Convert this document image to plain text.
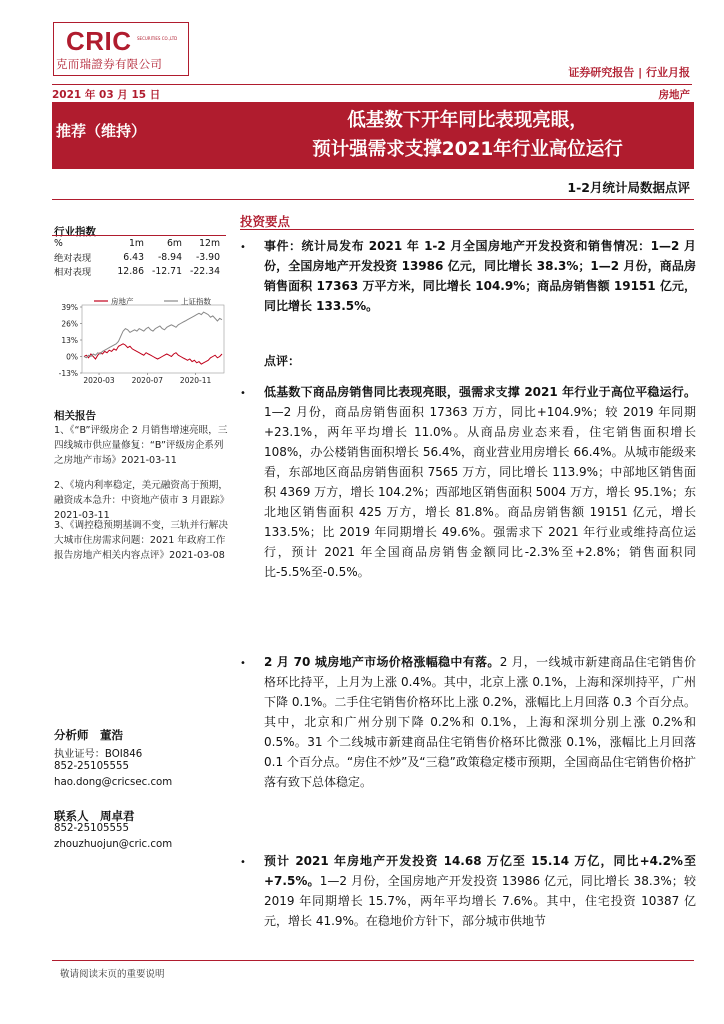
CRIC SECURITIES CO.,LTD
克而瑞證券有限公司
证券研究报告 | 行业月报
2021 年 03 月 15 日	房地产
推荐（维持）	低基数下开年同比表现亮眼，
预计强需求支撑2021年行业高位运行
1-2月统计局数据点评
行业指数
%	1m	6m	12m
绝对表现	6.43	-8.94	-3.90
相对表现	12.86	-12.71	-22.34
39%
26%
13%
0%
-13%
2020-03 2020-07 2020-11
房地产	上证指数
相关报告
1、《“B”评级房企 2 月销售增速亮眼，三四线城市供应量修复：“B”评级房企系列之房地产市场》2021-03-11
2、《境内利率稳定，美元融资高于预期，融资成本急升：中资地产债市 3 月跟踪》2021-03-11
3、《调控稳预期基调不变，三轨并行解决大城市住房需求问题：2021 年政府工作报告房地产相关内容点评》2021-03-08
分析师　董浩
执业证号：BOI846
852-25105555
hao.dong@cricsec.com
联系人　周卓君
852-25105555
zhouzhuojun@cric.com
投资要点
• 事件：统计局发布 2021 年 1-2 月全国房地产开发投资和销售情况：1—2 月份，全国房地产开发投资 13986 亿元，同比增长 38.3%；1—2 月份，商品房销售面积 17363 万平方米，同比增长 104.9%；商品房销售额 19151 亿元，同比增长 133.5%。
点评：
• 低基数下商品房销售同比表现亮眼，强需求支撑 2021 年行业于高位平稳运行。1—2 月份，商品房销售面积 17363 万方，同比+104.9%；较 2019 年同期+23.1%，两年平均增长 11.0%。从商品房业态来看，住宅销售面积增长 108%，办公楼销售面积增长 56.4%，商业营业用房增长 66.4%。从城市能级来看，东部地区商品房销售面积 7565 万方，同比增长 113.9%；中部地区销售面积 4369 万方，增长 104.2%；西部地区销售面积 5004 万方，增长 95.1%；东北地区销售面积 425 万方，增长 81.8%。商品房销售额 19151 亿元，增长 133.5%；比 2019 年同期增长 49.6%。强需求下 2021 年行业或维持高位运行，预计 2021 年全国商品房销售金额同比-2.3%至+2.8%；销售面积同比-5.5%至-0.5%。
• 2 月 70 城房地产市场价格涨幅稳中有落。2 月，一线城市新建商品住宅销售价格环比持平，上月为上涨 0.4%。其中，北京上涨 0.1%，上海和深圳持平，广州下降 0.1%。二手住宅销售价格环比上涨 0.2%，涨幅比上月回落 0.3 个百分点。其中，北京和广州分别下降 0.2%和 0.1%，上海和深圳分别上涨 0.2%和 0.5%。31 个二线城市新建商品住宅销售价格环比微涨 0.1%，涨幅比上月回落 0.1 个百分点。“房住不炒”及“三稳”政策稳定楼市预期，全国商品住宅销售价格扩落有致下总体稳定。
• 预计 2021 年房地产开发投资 14.68 万亿至 15.14 万亿，同比+4.2%至+7.5%。1—2 月份，全国房地产开发投资 13986 亿元，同比增长 38.3%；较 2019 年同期增长 15.7%，两年平均增长 7.6%。其中，住宅投资 10387 亿元，增长 41.9%。在稳地价方针下，部分城市供地节
敬请阅读末页的重要说明
